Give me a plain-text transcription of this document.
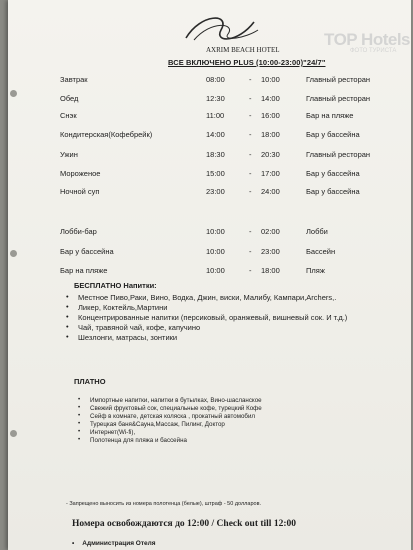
AXRIM BEACH HOTEL
TOP Hotels
ФОТО ТУРИСТА
ВСЕ ВКЛЮЧЕНО PLUS (10:00-23:00)"24/7"
Завтрак	08:00	- 10:00	Главный ресторан
Обед	12:30	- 14:00	Главный ресторан
Снэк	11:00	- 16:00	Бар на пляже
Кондитерская(Кофебрейк)	14:00	- 18:00	Бар у бассейна
Ужин	18:30	- 20:30	Главный ресторан
Мороженое	15:00	- 17:00	Бар у бассейна
Ночной суп	23:00	- 24:00	Бар у бассейна
Лобби-бар	10:00	- 02:00	Лобби
Бар у бассейна	10:00	- 23:00	Бассейн
Бар на пляже	10:00	- 18:00	Пляж
БЕСПЛАТНО Напитки:
• Местное Пиво,Раки, Вино, Водка, Джин, виски, Малибу, Кампари,Archers,.
• Ликер, Коктейль,Мартини
• Концентрированные напитки (персиковый, оранжевый, вишневый сок. И т.д.)
• Чай, травяной чай, кофе, капучино
• Шезлонги, матрасы, зонтики
ПЛАТНО
• Импортные напитки, напитки в бутылках, Вино-шасланское
• Свежий фруктовый сок, специальные кофе, турецкий Кофе
• Сейф в комнате, детская коляска , прокатный автомобил
• Турецкая баня&Сауна,Массаж, Пилинг, Доктор
• Интернет(Wi-fi),
• Полотенца для пляжа и бассейна
- Запрещено выносить из номера полотенца (белые), штраф - 50 долларов.
Номера освобождаются до 12:00 / Check out till 12:00
• Администрация Отеля
